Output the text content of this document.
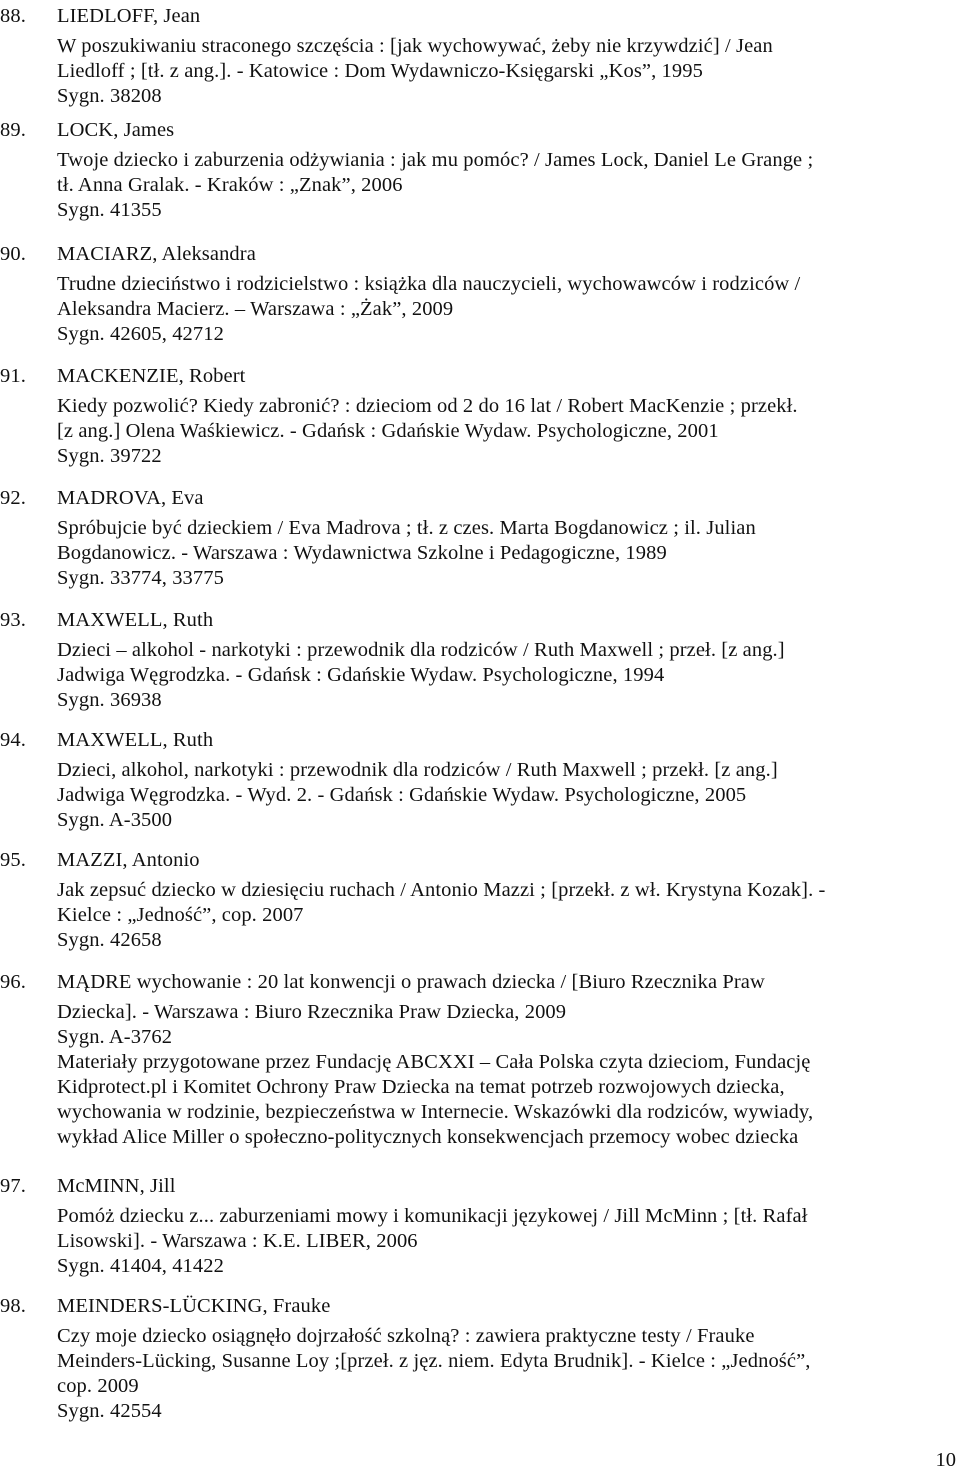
88. LIEDLOFF, Jean
W poszukiwaniu straconego szczęścia : [jak wychowywać, żeby nie krzywdzić] / Jean
Liedloff ; [tł. z ang.]. - Katowice : Dom Wydawniczo-Księgarski „Kos”, 1995
Sygn. 38208
89. LOCK, James
Twoje dziecko i zaburzenia odżywiania : jak mu pomóc? / James Lock, Daniel Le Grange ;
tł. Anna Gralak. - Kraków : „Znak”, 2006
Sygn. 41355
90. MACIARZ, Aleksandra
Trudne dzieciństwo i rodzicielstwo : książka dla nauczycieli, wychowawców i rodziców /
Aleksandra Macierz. – Warszawa : „Żak”, 2009
Sygn. 42605, 42712
91. MACKENZIE, Robert
Kiedy pozwolić? Kiedy zabronić? : dzieciom od 2 do 16 lat / Robert MacKenzie ; przekł.
[z ang.] Olena Waśkiewicz. - Gdańsk : Gdańskie Wydaw. Psychologiczne, 2001
Sygn. 39722
92. MADROVA, Eva
Spróbujcie być dzieckiem / Eva Madrova ; tł. z czes. Marta Bogdanowicz ; il. Julian
Bogdanowicz. - Warszawa : Wydawnictwa Szkolne i Pedagogiczne, 1989
Sygn. 33774, 33775
93. MAXWELL, Ruth
Dzieci – alkohol - narkotyki : przewodnik dla rodziców / Ruth Maxwell ; przeł. [z ang.]
Jadwiga Węgrodzka. - Gdańsk : Gdańskie Wydaw. Psychologiczne, 1994
Sygn. 36938
94. MAXWELL, Ruth
Dzieci, alkohol, narkotyki : przewodnik dla rodziców / Ruth Maxwell ; przekł. [z ang.]
Jadwiga Węgrodzka. - Wyd. 2. - Gdańsk : Gdańskie Wydaw. Psychologiczne, 2005
Sygn. A-3500
95. MAZZI, Antonio
Jak zepsuć dziecko w dziesięciu ruchach / Antonio Mazzi ; [przekł. z wł. Krystyna Kozak]. -
Kielce : „Jedność”, cop. 2007
Sygn. 42658
96. MĄDRE wychowanie : 20 lat konwencji o prawach dziecka / [Biuro Rzecznika Praw
Dziecka]. - Warszawa : Biuro Rzecznika Praw Dziecka, 2009
Sygn. A-3762
Materiały przygotowane przez Fundację ABCXXI – Cała Polska czyta dzieciom, Fundację
Kidprotect.pl i Komitet Ochrony Praw Dziecka na temat potrzeb rozwojowych dziecka,
wychowania w rodzinie, bezpieczeństwa w Internecie. Wskazówki dla rodziców, wywiady,
wykład Alice Miller o społeczno-politycznych konsekwencjach przemocy wobec dziecka
97. McMINN, Jill
Pomóż dziecku z... zaburzeniami mowy i komunikacji językowej / Jill McMinn ; [tł. Rafał
Lisowski]. - Warszawa : K.E. LIBER, 2006
Sygn. 41404, 41422
98. MEINDERS-LÜCKING, Frauke
Czy moje dziecko osiągnęło dojrzałość szkolną? : zawiera praktyczne testy / Frauke
Meinders-Lücking, Susanne Loy ;[przeł. z jęz. niem. Edyta Brudnik]. - Kielce : „Jedność”,
cop. 2009
Sygn. 42554
10
